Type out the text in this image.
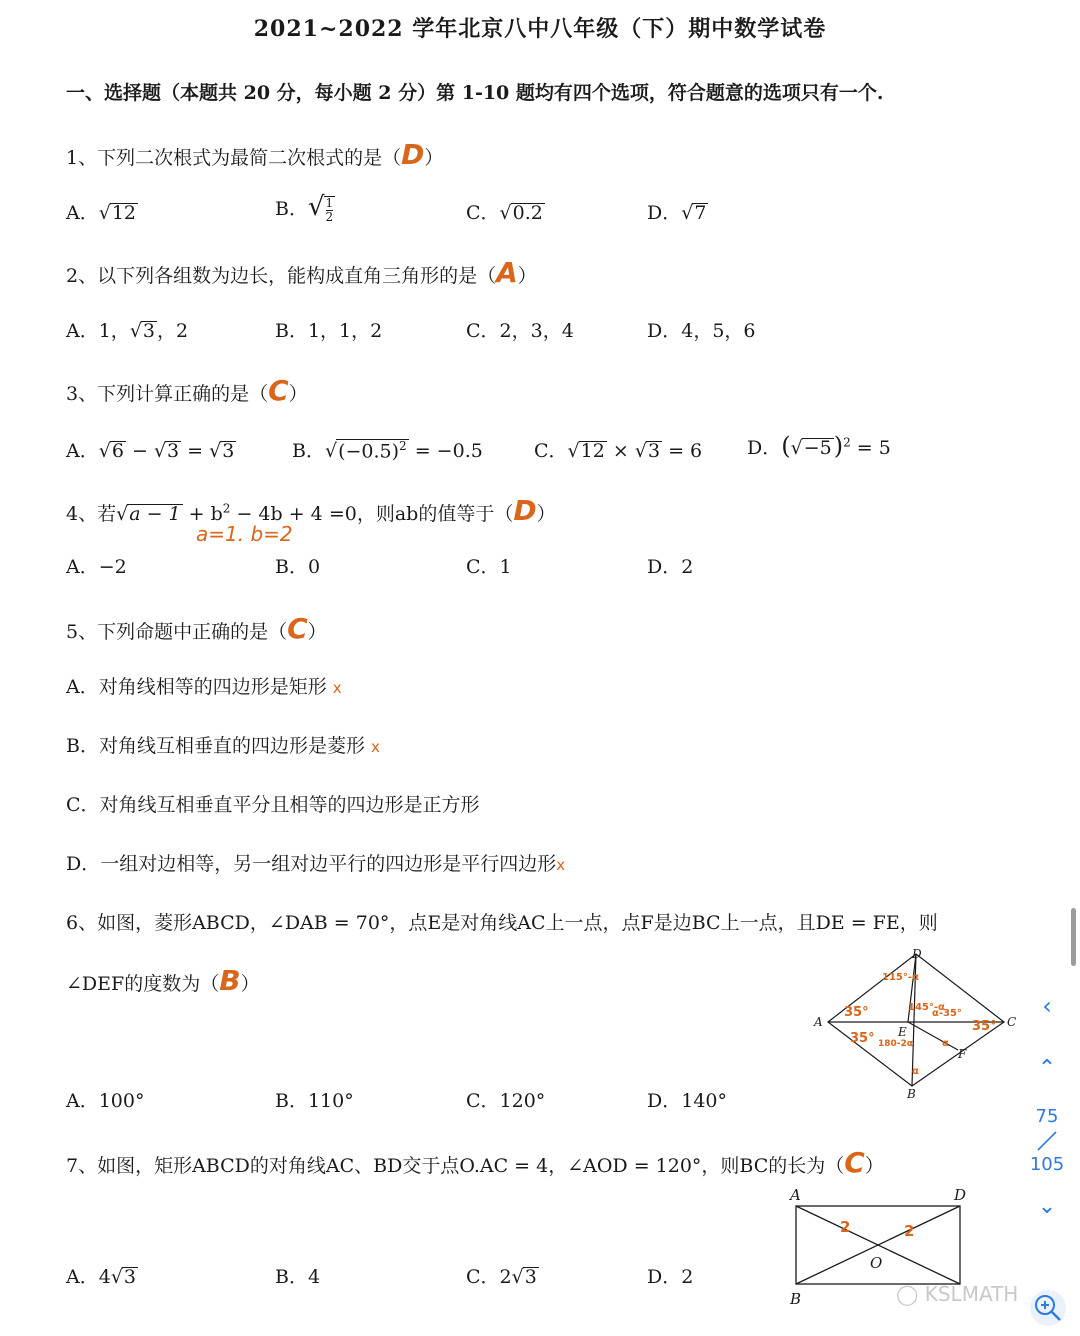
2021~2022 学年北京八中八年级（下）期中数学试卷
一、选择题（本题共 20 分，每小题 2 分）第 1-10 题均有四个选项，符合题意的选项只有一个.
1、下列二次根式为最简二次根式的是（D）
A．√12	B．√ $\frac{1}{2}$	C．√0.2	D．√7
2、以下列各组数为边长，能构成直角三角形的是（A）
A．1，√3 ，2	B．1，1，2	C．2，3，4	D．4，5，6
3、下列计算正确的是（C）
A．√6 − √3 = √3	B．$√(-0.5)^2 = -0.5$	C．√12 × √3 = 6 D．$(√-5)^2 = 5$
4、若$√a - 1 + b^2 - 4b + 4 =0$，则ab的值等于（D）
a=1. b=2
A．−2	B．0	C．1	D．2
5、下列命题中正确的是（C）
A．对角线相等的四边形是矩形 x
B．对角线互相垂直的四边形是菱形 x
C．对角线互相垂直平分且相等的四边形是正方形
D．一组对边相等，另一组对边平行的四边形是平行四边形x
6、如图，菱形ABCD，∠DAB = 70°，点E是对角线AC上一点，点F是边BC上一点，且DE = FE，则
∠DEF的度数为（B）
A
B
C
D
E
F
115°-α
35°
35°
35°
145°-α
α-35°
180-2α	α
α
A．100°	B．110°	C．120°	D．140°
7、如图，矩形ABCD的对角线AC、BD交于点O.AC = 4，∠AOD = 120°，则BC的长为（C）
A	D
O
B
2	2
A．4√3	B．4	C．2√3	D．2
‹
⌃
75
105
⌄
◯ KSLMATH
